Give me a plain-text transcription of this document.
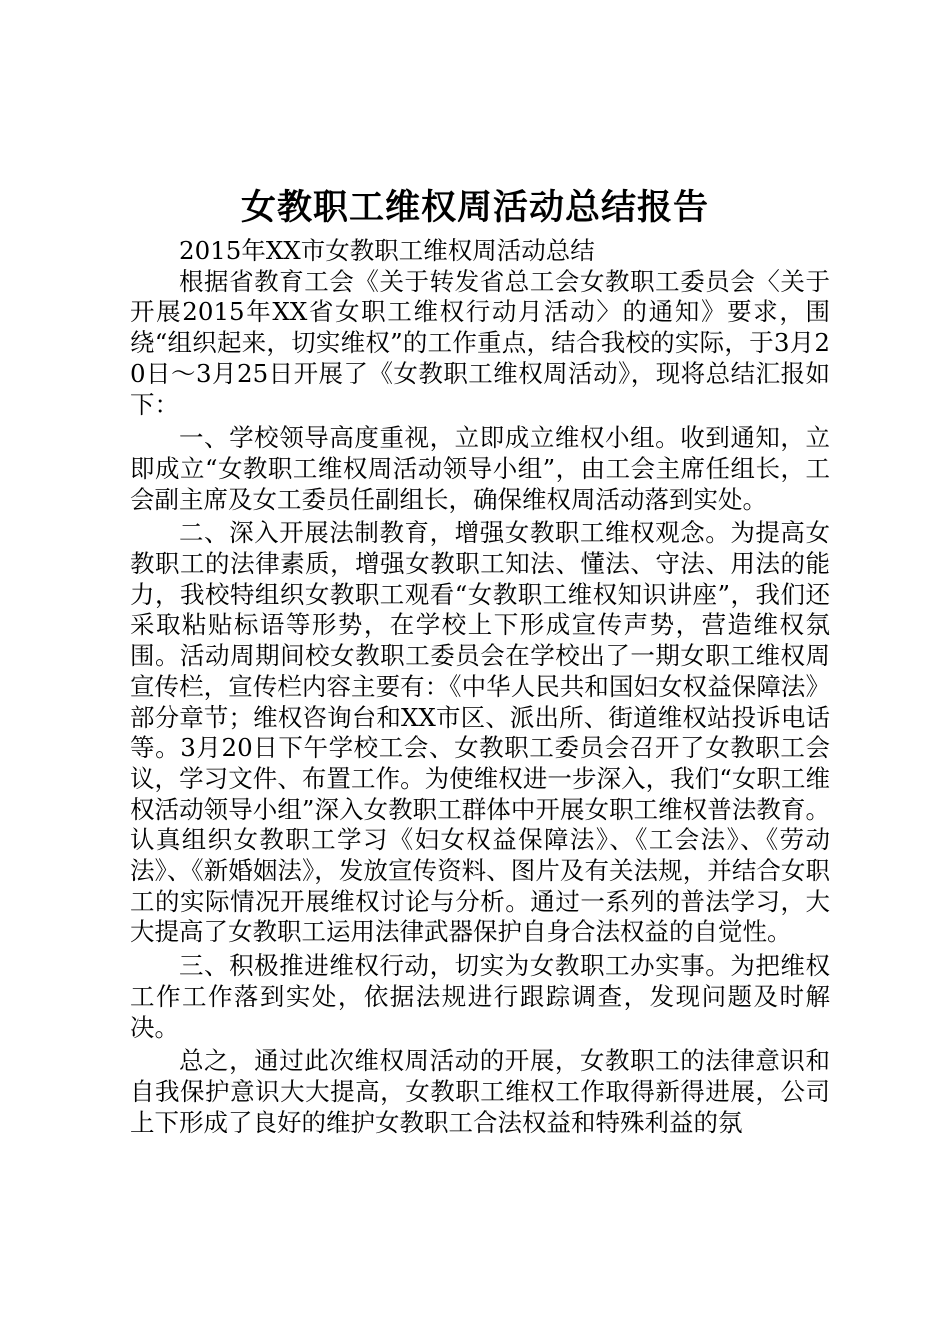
女教职工维权周活动总结报告

2015年XX市女教职工维权周活动总结

根据省教育工会《关于转发省总工会女教职工委员会〈关于开展2015年XX省女职工维权行动月活动〉的通知》要求，围绕“组织起来，切实维权”的工作重点，结合我校的实际，于3月20日～3月25日开展了《女教职工维权周活动》，现将总结汇报如下：

一、学校领导高度重视，立即成立维权小组。收到通知，立即成立“女教职工维权周活动领导小组”，由工会主席任组长，工会副主席及女工委员任副组长，确保维权周活动落到实处。

二、深入开展法制教育，增强女教职工维权观念。为提高女教职工的法律素质，增强女教职工知法、懂法、守法、用法的能力，我校特组织女教职工观看“女教职工维权知识讲座”，我们还采取粘贴标语等形势，在学校上下形成宣传声势，营造维权氛围。活动周期间校女教职工委员会在学校出了一期女职工维权周宣传栏，宣传栏内容主要有：《中华人民共和国妇女权益保障法》部分章节；维权咨询台和XX市区、派出所、街道维权站投诉电话等。3月20日下午学校工会、女教职工委员会召开了女教职工会议，学习文件、布置工作。为使维权进一步深入，我们“女职工维权活动领导小组”深入女教职工群体中开展女职工维权普法教育。认真组织女教职工学习《妇女权益保障法》、《工会法》、《劳动法》、《新婚姻法》，发放宣传资料、图片及有关法规，并结合女职工的实际情况开展维权讨论与分析。通过一系列的普法学习，大大提高了女教职工运用法律武器保护自身合法权益的自觉性。

三、积极推进维权行动，切实为女教职工办实事。为把维权工作工作落到实处，依据法规进行跟踪调查，发现问题及时解决。

总之，通过此次维权周活动的开展，女教职工的法律意识和自我保护意识大大提高，女教职工维权工作取得新得进展，公司上下形成了良好的维护女教职工合法权益和特殊利益的氛
